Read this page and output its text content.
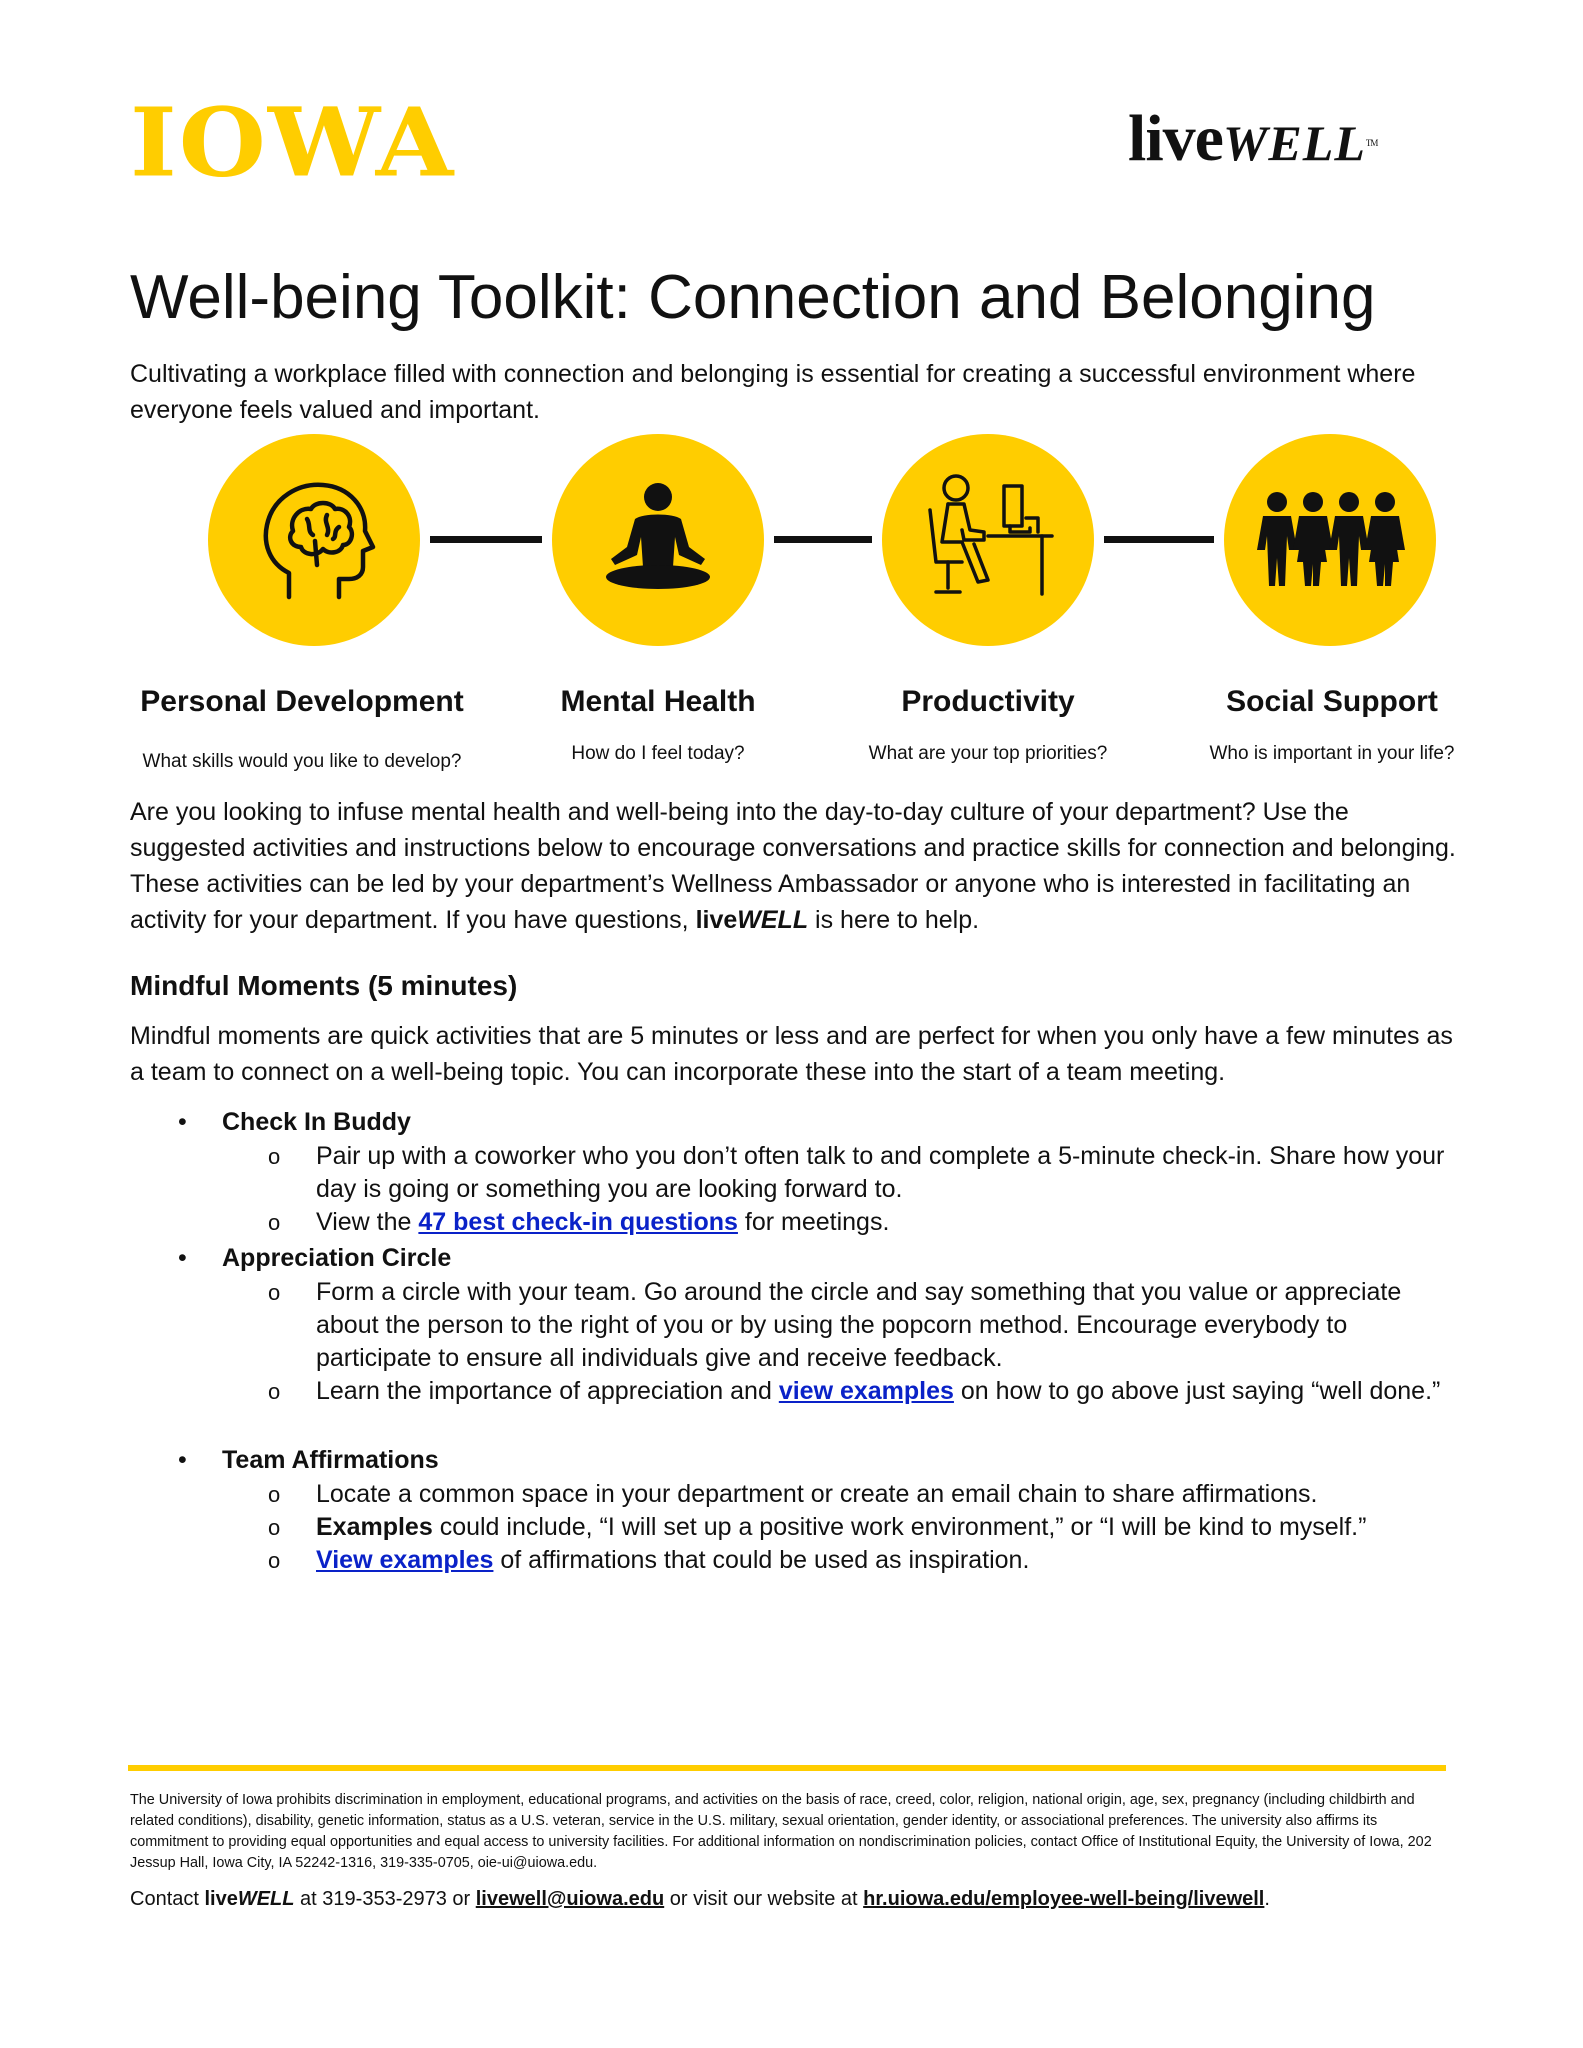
IOWA	liveWELLTM
Well-being Toolkit: Connection and Belonging

Cultivating a workplace filled with connection and belonging is essential for creating a successful environment where everyone feels valued and important.

Personal Development
What skills would you like to develop?
Mental Health
How do I feel today?
Productivity
What are your top priorities?
Social Support
Who is important in your life?

Are you looking to infuse mental health and well-being into the day-to-day culture of your department? Use the suggested activities and instructions below to encourage conversations and practice skills for connection and belonging. These activities can be led by your department’s Wellness Ambassador or anyone who is interested in facilitating an activity for your department. If you have questions, liveWELL is here to help.

Mindful Moments (5 minutes)

Mindful moments are quick activities that are 5 minutes or less and are perfect for when you only have a few minutes as a team to connect on a well-being topic. You can incorporate these into the start of a team meeting.

• Check In Buddy
o Pair up with a coworker who you don’t often talk to and complete a 5-minute check-in. Share how your day is going or something you are looking forward to.
o View the 47 best check-in questions for meetings.
• Appreciation Circle
o Form a circle with your team. Go around the circle and say something that you value or appreciate about the person to the right of you or by using the popcorn method. Encourage everybody to participate to ensure all individuals give and receive feedback.
o Learn the importance of appreciation and view examples on how to go above just saying “well done.”
• Team Affirmations
o Locate a common space in your department or create an email chain to share affirmations.
o Examples could include, “I will set up a positive work environment,” or “I will be kind to myself.”
o View examples of affirmations that could be used as inspiration.

The University of Iowa prohibits discrimination in employment, educational programs, and activities on the basis of race, creed, color, religion, national origin, age, sex, pregnancy (including childbirth and related conditions), disability, genetic information, status as a U.S. veteran, service in the U.S. military, sexual orientation, gender identity, or associational preferences. The university also affirms its commitment to providing equal opportunities and equal access to university facilities. For additional information on nondiscrimination policies, contact Office of Institutional Equity, the University of Iowa, 202 Jessup Hall, Iowa City, IA 52242-1316, 319-335-0705, oie-ui@uiowa.edu.

Contact liveWELL at 319-353-2973 or livewell@uiowa.edu or visit our website at hr.uiowa.edu/employee-well-being/livewell.
